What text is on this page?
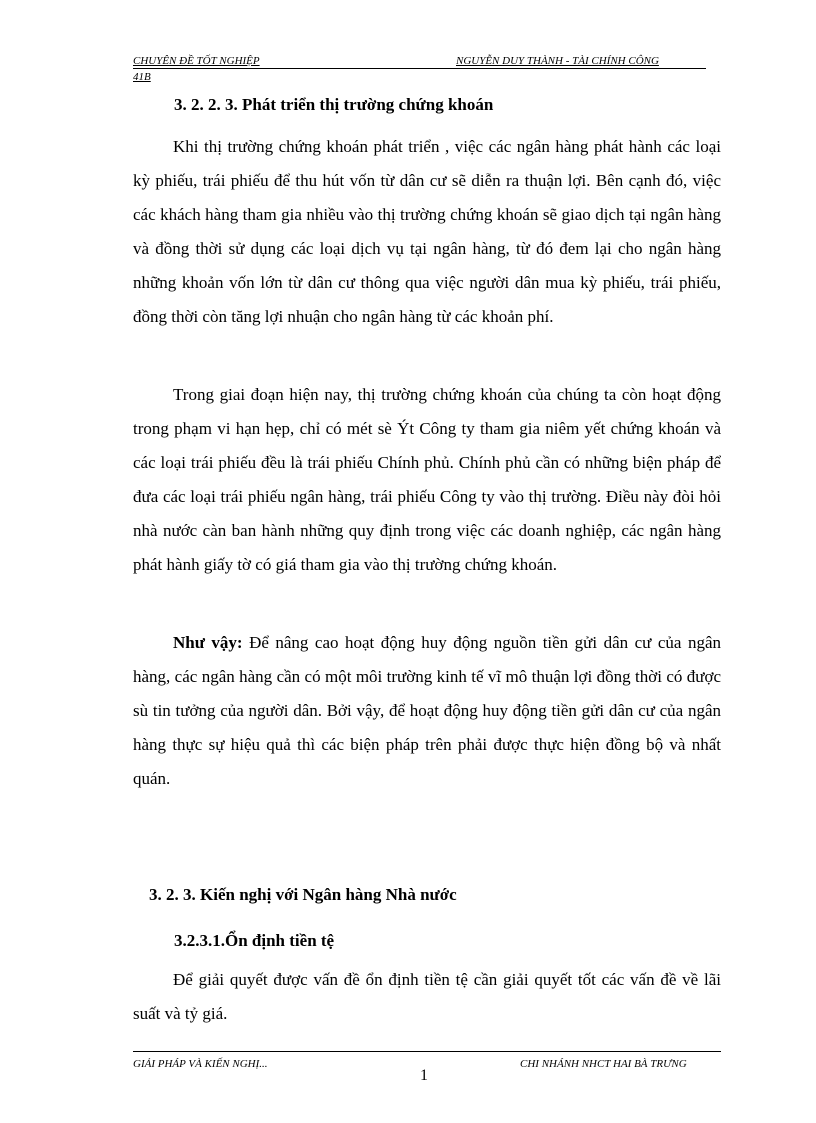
CHUYÊN ĐỀ TỐT NGHIỆP	NGUYỄN DUY THÀNH - TÀI CHÍNH CÔNG
41B
3. 2. 2. 3. Phát triển thị trường chứng khoán

Khi thị trường chứng khoán phát triển , việc các ngân hàng phát hành các loại kỳ phiếu, trái phiếu để thu hút vốn từ dân cư sẽ diễn ra thuận lợi. Bên cạnh đó, việc các khách hàng tham gia nhiều vào thị trường chứng khoán sẽ giao dịch tại ngân hàng và đồng thời sử dụng các loại dịch vụ tại ngân hàng, từ đó đem lại cho ngân hàng những khoản vốn lớn từ dân cư thông qua việc người dân mua kỳ phiếu, trái phiếu, đồng thời còn tăng lợi nhuận cho ngân hàng từ các khoản phí.

Trong giai đoạn hiện nay, thị trường chứng khoán của chúng ta còn hoạt động trong phạm vi hạn hẹp, chỉ có mét sè Ýt Công ty tham gia niêm yết chứng khoán và các loại trái phiếu đều là trái phiếu Chính phủ. Chính phủ cần có những biện pháp để đưa các loại trái phiếu ngân hàng, trái phiếu Công ty vào thị trường. Điều này đòi hỏi nhà nước càn ban hành những quy định trong việc các doanh nghiệp, các ngân hàng phát hành giấy tờ có giá tham gia vào thị trường chứng khoán.

Như vậy: Để nâng cao hoạt động huy động nguồn tiền gửi dân cư của ngân hàng, các ngân hàng cần có một môi trường kinh tế vĩ mô thuận lợi đồng thời có được sù tin tưởng của người dân. Bởi vậy, để hoạt động huy động tiền gửi dân cư của ngân hàng thực sự hiệu quả thì các biện pháp trên phải được thực hiện đồng bộ và nhất quán.

3. 2. 3. Kiến nghị với Ngân hàng Nhà nước
3.2.3.1.Ổn định tiền tệ

Để giải quyết được vấn đề ổn định tiền tệ cần giải quyết tốt các vấn đề về lãi suất và tỷ giá.

GIẢI PHÁP VÀ KIẾN NGHỊ...	CHI NHÁNH NHCT HAI BÀ TRƯNG
1
